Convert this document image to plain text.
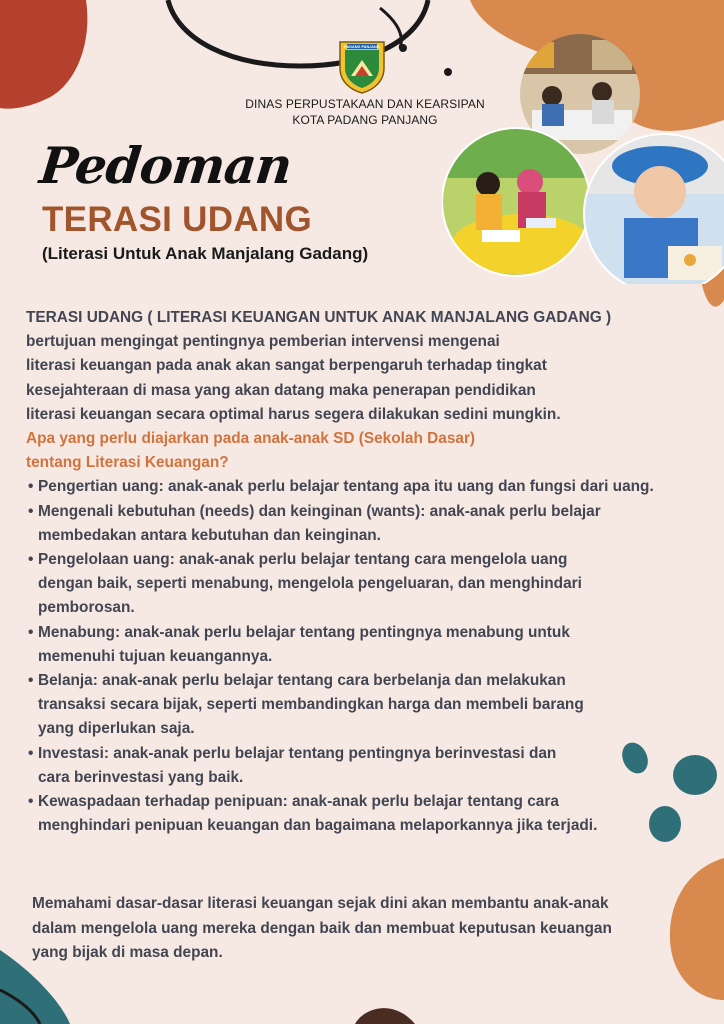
PADANG PANJANG
DINAS PERPUSTAKAAN DAN KEARSIPAN
KOTA PADANG PANJANG
Pedoman
TERASI UDANG
(Literasi Untuk Anak Manjalang Gadang)
TERASI UDANG ( LITERASI KEUANGAN UNTUK ANAK MANJALANG GADANG )
bertujuan mengingat pentingnya pemberian intervensi mengenai
literasi keuangan pada anak akan sangat berpengaruh terhadap tingkat
kesejahteraan di masa yang akan datang maka penerapan pendidikan
literasi keuangan secara optimal harus segera dilakukan sedini mungkin.
Apa yang perlu diajarkan pada anak-anak SD (Sekolah Dasar)
tentang Literasi Keuangan?
• Pengertian uang: anak-anak perlu belajar tentang apa itu uang dan fungsi dari uang.
• Mengenali kebutuhan (needs) dan keinginan (wants): anak-anak perlu belajar
membedakan antara kebutuhan dan keinginan.
• Pengelolaan uang: anak-anak perlu belajar tentang cara mengelola uang
dengan baik, seperti menabung, mengelola pengeluaran, dan menghindari
pemborosan.
• Menabung: anak-anak perlu belajar tentang pentingnya menabung untuk
memenuhi tujuan keuangannya.
• Belanja: anak-anak perlu belajar tentang cara berbelanja dan melakukan
transaksi secara bijak, seperti membandingkan harga dan membeli barang
yang diperlukan saja.
• Investasi: anak-anak perlu belajar tentang pentingnya berinvestasi dan
cara berinvestasi yang baik.
• Kewaspadaan terhadap penipuan: anak-anak perlu belajar tentang cara
menghindari penipuan keuangan dan bagaimana melaporkannya jika terjadi.
Memahami dasar-dasar literasi keuangan sejak dini akan membantu anak-anak
dalam mengelola uang mereka dengan baik dan membuat keputusan keuangan
yang bijak di masa depan.
